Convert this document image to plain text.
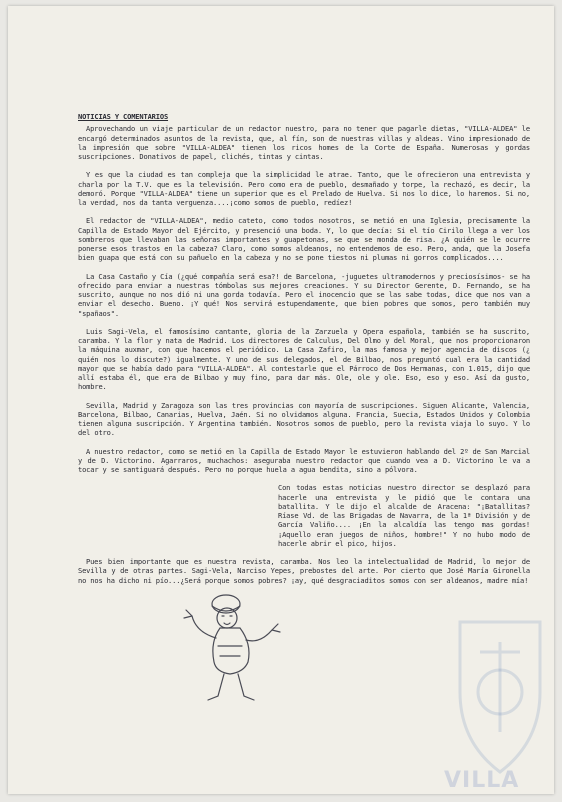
NOTICIAS Y COMENTARIOS

Aprovechando un viaje particular de un redactor nuestro, para no tener que pagarle dietas, "VILLA-ALDEA" le encargó determinados asuntos de la revista, que, al fín, son de nuestras villas y aldeas. Vino impresionado de la impresión que sobre "VILLA-ALDEA" tienen los ricos homes de la Corte de España. Numerosas y gordas suscripciones. Donativos de papel, clichés, tintas y cintas.

Y es que la ciudad es tan compleja que la simplicidad le atrae. Tanto, que le ofrecieron una entrevista y charla por la T.V. que es la televisión. Pero como era de pueblo, desmañado y torpe, la rechazó, es decir, la demoró. Porque "VILLA-ALDEA" tiene un superior que es el Prelado de Huelva. Si nos lo dice, lo haremos. Si no, la verdad, nos da tanta verguenza....¡como somos de pueblo, redíez!

El redactor de "VILLA-ALDEA", medio cateto, como todos nosotros, se metió en una Iglesia, precisamente la Capilla de Estado Mayor del Ejército, y presenció una boda. Y, lo que decía: Si el tío Cirilo llega a ver los sombreros que llevaban las señoras importantes y guapetonas, se que se monda de risa. ¿A quién se le ocurre ponerse esos trastos en la cabeza? Claro, como somos aldeanos, no entendemos de eso. Pero, anda, que la Josefa bien guapa que está con su pañuelo en la cabeza y no se pone tiestos ni plumas ni gorros complicados....

La Casa Castaño y Cía (¿qué compañía será esa?! de Barcelona, -juguetes ultramodernos y preciosísimos- se ha ofrecido para enviar a nuestras tómbolas sus mejores creaciones. Y su Director Gerente, D. Fernando, se ha suscrito, aunque no nos dió ni una gorda todavía. Pero el inocencio que se las sabe todas, dice que nos van a enviar el desecho. Bueno. ¡Y qué! Nos servirá estupendamente, que bien pobres que somos, pero también muy "spañaos".

Luis Sagi-Vela, el famosísimo cantante, gloria de la Zarzuela y Opera española, también se ha suscrito, caramba. Y la flor y nata de Madrid. Los directores de Calculus, Del Olmo y del Moral, que nos proporcionaron la máquina auxmar, con que hacemos el periódico. La Casa Zafiro, la mas famosa y mejor agencia de discos (¿ quién nos lo discute?) igualmente. Y uno de sus delegados, el de Bilbao, nos preguntó cual era la cantidad mayor que se había dado para "VILLA-ALDEA". Al contestarle que el Párroco de Dos Hermanas, con 1.015, dijo que allí estaba él, que era de Bilbao y muy fino, para dar más. Ole, ole y ole. Eso, eso y eso. Así da gusto, hombre.

Sevilla, Madrid y Zaragoza son las tres provincias con mayoría de suscripciones. Siguen Alicante, Valencia, Barcelona, Bilbao, Canarias, Huelva, Jaén. Si no olvidamos alguna. Francia, Suecia, Estados Unidos y Colombia tienen alguna suscripción. Y Argentina también. Nosotros somos de pueblo, pero la revista viaja lo suyo. Y lo del otro.

A nuestro redactor, como se metió en la Capilla de Estado Mayor le estuvieron hablando del 2º de San Marcial y de D. Victorino. Agarraros, muchachos: aseguraba nuestro redactor que cuando vea a D. Victorino le va a tocar y se santiguará después. Pero no porque huela a agua bendita, sino a pólvora.

Con todas estas noticias nuestro director se desplazó para hacerle una entrevista y le pidió que le contara una batallita. Y le dijo el alcalde de Aracena: "¡Batallitas? Ríase Vd. de las Brigadas de Navarra, de la 1ª División y de García Valiño.... ¡En la alcaldía las tengo mas gordas! ¡Aquello eran juegos de niños, hombre!" Y no hubo modo de hacerle abrir el pico, hijos.

Pues bien importante que es nuestra revista, caramba. Nos leo la intelectualidad de Madrid, lo mejor de Sevilla y de otras partes. Sagi-Vela, Narciso Yepes, prebostes del arte. Por cierto que José María Gironella no nos ha dicho ni pío...¿Será porque somos pobres? ¡ay, qué desgraciaditos somos con ser aldeanos, madre mía!

VILLA
